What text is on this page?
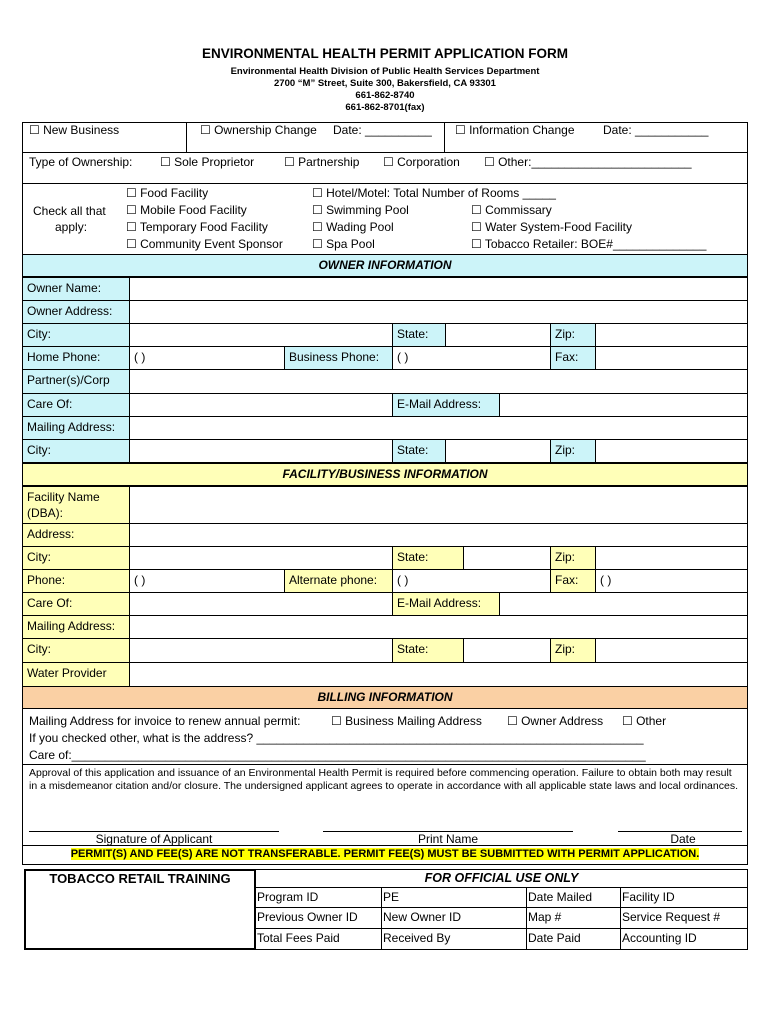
ENVIRONMENTAL HEALTH PERMIT APPLICATION FORM
Environmental Health Division of Public Health Services Department
2700 “M” Street, Suite 300, Bakersfield, CA 93301
661-862-8740
661-862-8701(fax)
☐ New Business	☐ Ownership Change Date: __________ ☐ Information Change Date: ___________
Type of Ownership: ☐ Sole Proprietor ☐ Partnership ☐ Corporation ☐ Other:________________________
Check all that
apply:
☐ Food Facility
☐ Mobile Food Facility
☐ Temporary Food Facility
☐ Community Event Sponsor
☐ Hotel/Motel: Total Number of Rooms _____
☐ Swimming Pool
☐ Wading Pool
☐ Spa Pool
☐ Commissary
☐ Water System-Food Facility
☐ Tobacco Retailer: BOE#______________
OWNER INFORMATION
Owner Name:
Owner Address:
City:	State:	Zip:
Home Phone:	( )	Business Phone:	( )	Fax:
Partner(s)/Corp
Care Of:	E-Mail Address:
Mailing Address:
City:	State:	Zip:
FACILITY/BUSINESS INFORMATION
Facility Name
(DBA):
Address:
City:	State:	Zip:
Phone:	( )	Alternate phone:	( )	Fax:	( )
Care Of:	E-Mail Address:
Mailing Address:
City:	State:	Zip:
Water Provider
BILLING INFORMATION
Mailing Address for invoice to renew annual permit:	☐ Business Mailing Address ☐ Owner Address ☐ Other
If you checked other, what is the address? __________________________________________________________
Care of:______________________________________________________________________________________
Approval of this application and issuance of an Environmental Health Permit is required before commencing operation. Failure to obtain both may result in a misdemeanor citation and/or closure. The undersigned applicant agrees to operate in accordance with all applicable state laws and local ordinances.
Signature of Applicant	Print Name	Date
PERMIT(S) AND FEE(S) ARE NOT TRANSFERABLE. PERMIT FEE(S) MUST BE SUBMITTED WITH PERMIT APPLICATION.
TOBACCO RETAIL TRAINING	FOR OFFICIAL USE ONLY
Program ID	PE	Date Mailed	Facility ID
Previous Owner ID	New Owner ID	Map #	Service Request #
Total Fees Paid	Received By	Date Paid	Accounting ID
